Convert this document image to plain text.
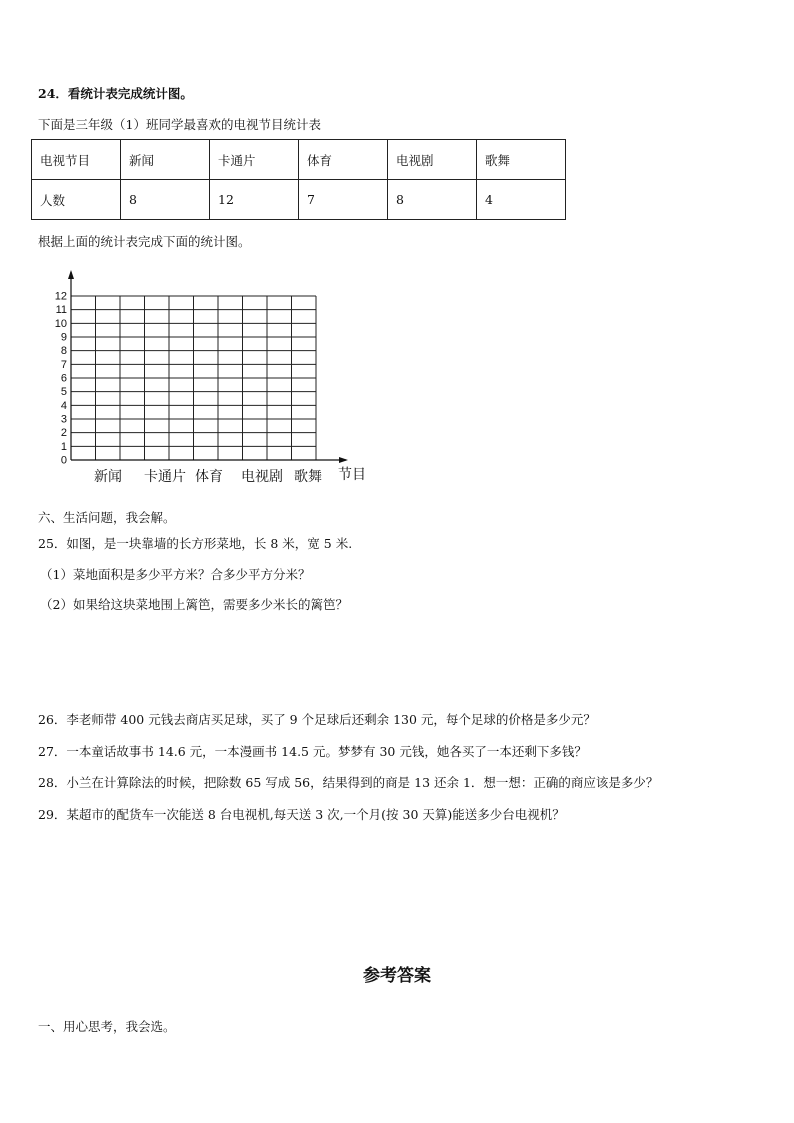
24．看统计表完成统计图。
下面是三年级（1）班同学最喜欢的电视节目统计表
电视节目	新闻	卡通片	体育	电视剧	歌舞
人数	8	12	7	8	4
根据上面的统计表完成下面的统计图。
0
1
2
3
4
5
6
7
8
9
10
11
12
新闻 卡通片 体育 电视剧 歌舞 节目
六、生活问题，我会解。
25．如图，是一块靠墙的长方形菜地，长 8 米，宽 5 米.
（1）菜地面积是多少平方米？合多少平方分米？
（2）如果给这块菜地围上篱笆，需要多少米长的篱笆？
26．李老师带 400 元钱去商店买足球，买了 9 个足球后还剩余 130 元，每个足球的价格是多少元？
27．一本童话故事书 14.6 元，一本漫画书 14.5 元。梦梦有 30 元钱，她各买了一本还剩下多钱？
28．小兰在计算除法的时候，把除数 65 写成 56，结果得到的商是 13 还余 1．想一想：正确的商应该是多少？
29．某超市的配货车一次能送 8 台电视机,每天送 3 次,一个月(按 30 天算)能送多少台电视机？
参考答案
一、用心思考，我会选。
